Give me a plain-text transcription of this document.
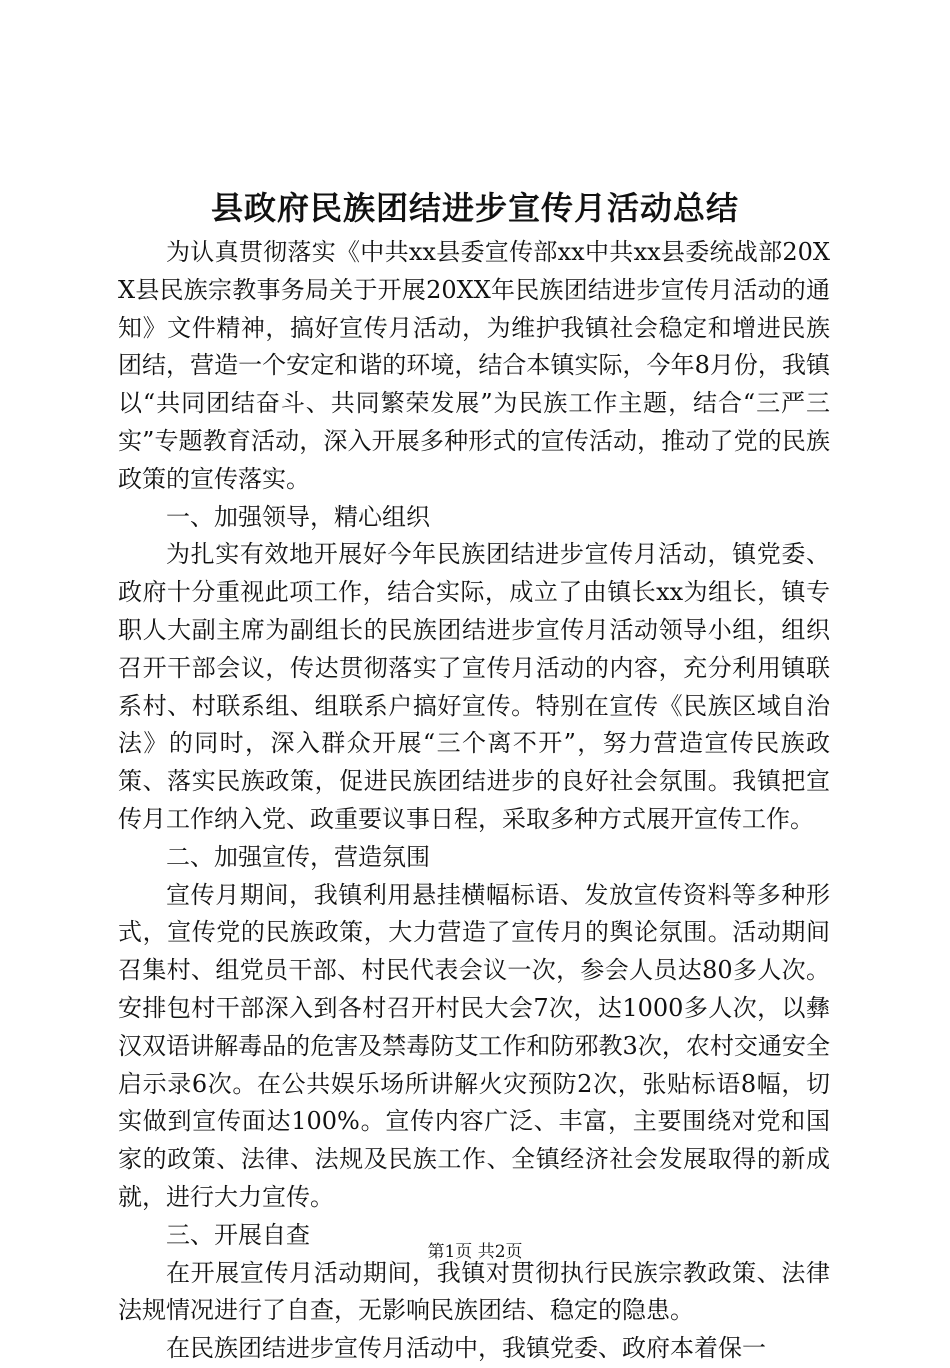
县政府民族团结进步宣传月活动总结

为认真贯彻落实《中共xx县委宣传部xx中共xx县委统战部20XX县民族宗教事务局关于开展20XX年民族团结进步宣传月活动的通知》文件精神，搞好宣传月活动，为维护我镇社会稳定和增进民族团结，营造一个安定和谐的环境，结合本镇实际，今年8月份，我镇以“共同团结奋斗、共同繁荣发展”为民族工作主题，结合“三严三实”专题教育活动，深入开展多种形式的宣传活动，推动了党的民族政策的宣传落实。

一、加强领导，精心组织

为扎实有效地开展好今年民族团结进步宣传月活动，镇党委、政府十分重视此项工作，结合实际，成立了由镇长xx为组长，镇专职人大副主席为副组长的民族团结进步宣传月活动领导小组，组织召开干部会议，传达贯彻落实了宣传月活动的内容，充分利用镇联系村、村联系组、组联系户搞好宣传。特别在宣传《民族区域自治法》的同时，深入群众开展“三个离不开”，努力营造宣传民族政策、落实民族政策，促进民族团结进步的良好社会氛围。我镇把宣传月工作纳入党、政重要议事日程，采取多种方式展开宣传工作。

二、加强宣传，营造氛围

宣传月期间，我镇利用悬挂横幅标语、发放宣传资料等多种形式，宣传党的民族政策，大力营造了宣传月的舆论氛围。活动期间召集村、组党员干部、村民代表会议一次，参会人员达80多人次。安排包村干部深入到各村召开村民大会7次，达1000多人次，以彝汉双语讲解毒品的危害及禁毒防艾工作和防邪教3次，农村交通安全启示录6次。在公共娱乐场所讲解火灾预防2次，张贴标语8幅，切实做到宣传面达100%。宣传内容广泛、丰富，主要围绕对党和国家的政策、法律、法规及民族工作、全镇经济社会发展取得的新成就，进行大力宣传。

三、开展自查

在开展宣传月活动期间，我镇对贯彻执行民族宗教政策、法律法规情况进行了自查，无影响民族团结、稳定的隐患。

在民族团结进步宣传月活动中，我镇党委、政府本着保一

第1页 共2页
